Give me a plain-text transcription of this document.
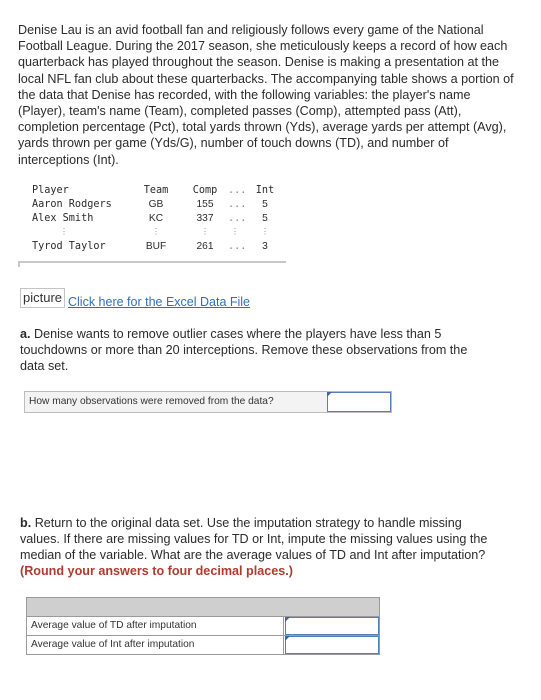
Denise Lau is an avid football fan and religiously follows every game of the National Football League. During the 2017 season, she meticulously keeps a record of how each quarterback has played throughout the season. Denise is making a presentation at the local NFL fan club about these quarterbacks. The accompanying table shows a portion of the data that Denise has recorded, with the following variables: the player's name (Player), team's name (Team), completed passes (Comp), attempted pass (Att), completion percentage (Pct), total yards thrown (Yds), average yards per attempt (Avg), yards thrown per game (Yds/G), number of touch downs (TD), and number of interceptions (Int).
Player	Team Comp ... Int
Aaron Rodgers	GB	155	...	5
Alex Smith	KC	337	...	5
⋮	⋮	⋮	⋮	⋮
Tyrod Taylor	BUF	261	...	3
picture Click here for the Excel Data File
a. Denise wants to remove outlier cases where the players have less than 5 touchdowns or more than 20 interceptions. Remove these observations from the data set.
How many observations were removed from the data?
b. Return to the original data set. Use the imputation strategy to handle missing values. If there are missing values for TD or Int, impute the missing values using the median of the variable. What are the average values of TD and Int after imputation? (Round your answers to four decimal places.)
Average value of TD after imputation
Average value of Int after imputation
